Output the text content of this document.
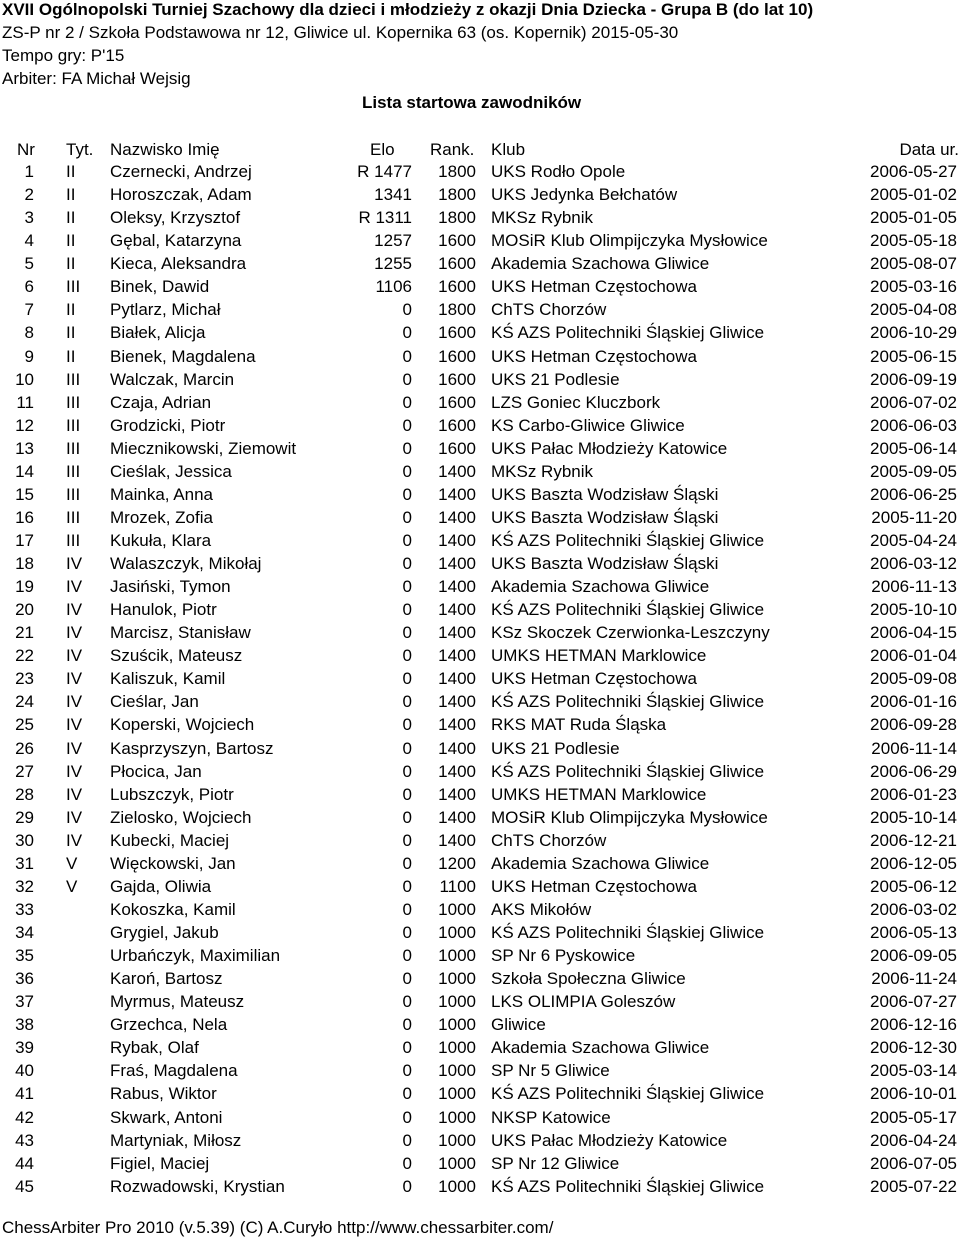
XVII Ogólnopolski Turniej Szachowy dla dzieci i młodzieży z okazji Dnia Dziecka - Grupa B (do lat 10)
ZS-P nr 2 / Szkoła Podstawowa nr 12, Gliwice ul. Kopernika 63 (os. Kopernik) 2015-05-30
Tempo gry: P'15
Arbiter: FA Michał Wejsig
Lista startowa zawodników
Nr Tyt. Nazwisko Imię	Elo Rank. Klub	Data ur.
1 II Czernecki, Andrzej	R 1477	1800 UKS Rodło Opole	2006-05-27
2 II Horoszczak, Adam	1341	1800 UKS Jedynka Bełchatów	2005-01-02
3 II Oleksy, Krzysztof	R 1311	1800 MKSz Rybnik	2005-01-05
4 II Gębal, Katarzyna	1257	1600 MOSiR Klub Olimpijczyka Mysłowice	2005-05-18
5 II Kieca, Aleksandra	1255	1600 Akademia Szachowa Gliwice	2005-08-07
6 III Binek, Dawid	1106	1600 UKS Hetman Częstochowa	2005-03-16
7 II Pytlarz, Michał	0	1800 ChTS Chorzów	2005-04-08
8 II Białek, Alicja	0	1600 KŚ AZS Politechniki Śląskiej Gliwice	2006-10-29
9 II Bienek, Magdalena	0	1600 UKS Hetman Częstochowa	2005-06-15
10 III Walczak, Marcin	0	1600 UKS 21 Podlesie	2006-09-19
11 III Czaja, Adrian	0	1600 LZS Goniec Kluczbork	2006-07-02
12 III Grodzicki, Piotr	0	1600 KS Carbo-Gliwice Gliwice	2006-06-03
13 III Miecznikowski, Ziemowit	0	1600 UKS Pałac Młodzieży Katowice	2005-06-14
14 III Cieślak, Jessica	0	1400 MKSz Rybnik	2005-09-05
15 III Mainka, Anna	0	1400 UKS Baszta Wodzisław Śląski	2006-06-25
16 III Mrozek, Zofia	0	1400 UKS Baszta Wodzisław Śląski	2005-11-20
17 III Kukuła, Klara	0	1400 KŚ AZS Politechniki Śląskiej Gliwice	2005-04-24
18 IV Walaszczyk, Mikołaj	0	1400 UKS Baszta Wodzisław Śląski	2006-03-12
19 IV Jasiński, Tymon	0	1400 Akademia Szachowa Gliwice	2006-11-13
20 IV Hanulok, Piotr	0	1400 KŚ AZS Politechniki Śląskiej Gliwice	2005-10-10
21 IV Marcisz, Stanisław	0	1400 KSz Skoczek Czerwionka-Leszczyny	2006-04-15
22 IV Szuścik, Mateusz	0	1400 UMKS HETMAN Marklowice	2006-01-04
23 IV Kaliszuk, Kamil	0	1400 UKS Hetman Częstochowa	2005-09-08
24 IV Cieślar, Jan	0	1400 KŚ AZS Politechniki Śląskiej Gliwice	2006-01-16
25 IV Koperski, Wojciech	0	1400 RKS MAT Ruda Śląska	2006-09-28
26 IV Kasprzyszyn, Bartosz	0	1400 UKS 21 Podlesie	2006-11-14
27 IV Płocica, Jan	0	1400 KŚ AZS Politechniki Śląskiej Gliwice	2006-06-29
28 IV Lubszczyk, Piotr	0	1400 UMKS HETMAN Marklowice	2006-01-23
29 IV Zielosko, Wojciech	0	1400 MOSiR Klub Olimpijczyka Mysłowice	2005-10-14
30 IV Kubecki, Maciej	0	1400 ChTS Chorzów	2006-12-21
31 V Więckowski, Jan	0	1200 Akademia Szachowa Gliwice	2006-12-05
32 V Gajda, Oliwia	0	1100 UKS Hetman Częstochowa	2005-06-12
33	Kokoszka, Kamil	0	1000 AKS Mikołów	2006-03-02
34	Grygiel, Jakub	0	1000 KŚ AZS Politechniki Śląskiej Gliwice	2006-05-13
35	Urbańczyk, Maximilian	0	1000 SP Nr 6 Pyskowice	2006-09-05
36	Karoń, Bartosz	0	1000 Szkoła Społeczna Gliwice	2006-11-24
37	Myrmus, Mateusz	0	1000 LKS OLIMPIA Goleszów	2006-07-27
38	Grzechca, Nela	0	1000 Gliwice	2006-12-16
39	Rybak, Olaf	0	1000 Akademia Szachowa Gliwice	2006-12-30
40	Fraś, Magdalena	0	1000 SP Nr 5 Gliwice	2005-03-14
41	Rabus, Wiktor	0	1000 KŚ AZS Politechniki Śląskiej Gliwice	2006-10-01
42	Skwark, Antoni	0	1000 NKSP Katowice	2005-05-17
43	Martyniak, Miłosz	0	1000 UKS Pałac Młodzieży Katowice	2006-04-24
44	Figiel, Maciej	0	1000 SP Nr 12 Gliwice	2006-07-05
45	Rozwadowski, Krystian	0	1000 KŚ AZS Politechniki Śląskiej Gliwice	2005-07-22
ChessArbiter Pro 2010 (v.5.39) (C) A.Curyło http://www.chessarbiter.com/
